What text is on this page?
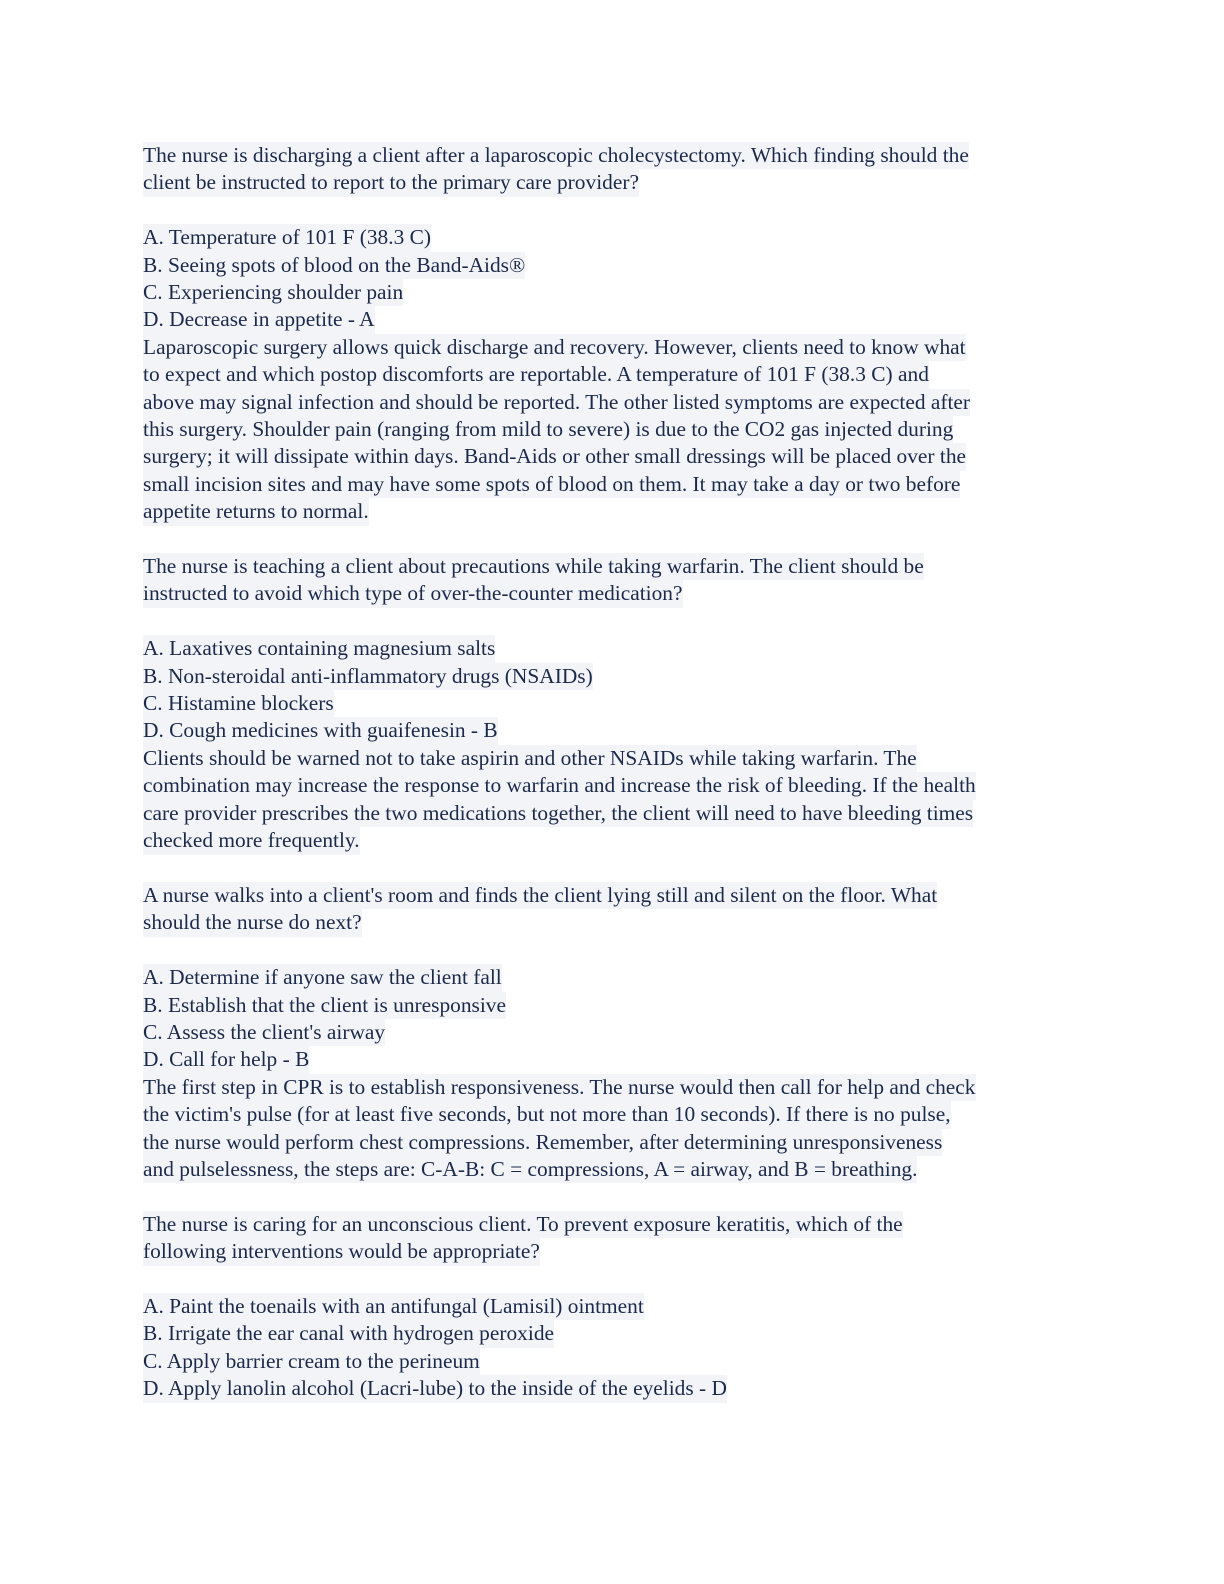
The nurse is discharging a client after a laparoscopic cholecystectomy. Which finding should the
client be instructed to report to the primary care provider?
A. Temperature of 101 F (38.3 C)
B. Seeing spots of blood on the Band-Aids®
C. Experiencing shoulder pain
D. Decrease in appetite - A
Laparoscopic surgery allows quick discharge and recovery. However, clients need to know what
to expect and which postop discomforts are reportable. A temperature of 101 F (38.3 C) and
above may signal infection and should be reported. The other listed symptoms are expected after
this surgery. Shoulder pain (ranging from mild to severe) is due to the CO2 gas injected during
surgery; it will dissipate within days. Band-Aids or other small dressings will be placed over the
small incision sites and may have some spots of blood on them. It may take a day or two before
appetite returns to normal.
The nurse is teaching a client about precautions while taking warfarin. The client should be
instructed to avoid which type of over-the-counter medication?
A. Laxatives containing magnesium salts
B. Non-steroidal anti-inflammatory drugs (NSAIDs)
C. Histamine blockers
D. Cough medicines with guaifenesin - B
Clients should be warned not to take aspirin and other NSAIDs while taking warfarin. The
combination may increase the response to warfarin and increase the risk of bleeding. If the health
care provider prescribes the two medications together, the client will need to have bleeding times
checked more frequently.
A nurse walks into a client's room and finds the client lying still and silent on the floor. What
should the nurse do next?
A. Determine if anyone saw the client fall
B. Establish that the client is unresponsive
C. Assess the client's airway
D. Call for help - B
The first step in CPR is to establish responsiveness. The nurse would then call for help and check
the victim's pulse (for at least five seconds, but not more than 10 seconds). If there is no pulse,
the nurse would perform chest compressions. Remember, after determining unresponsiveness
and pulselessness, the steps are: C-A-B: C = compressions, A = airway, and B = breathing.
The nurse is caring for an unconscious client. To prevent exposure keratitis, which of the
following interventions would be appropriate?
A. Paint the toenails with an antifungal (Lamisil) ointment
B. Irrigate the ear canal with hydrogen peroxide
C. Apply barrier cream to the perineum
D. Apply lanolin alcohol (Lacri-lube) to the inside of the eyelids - D
